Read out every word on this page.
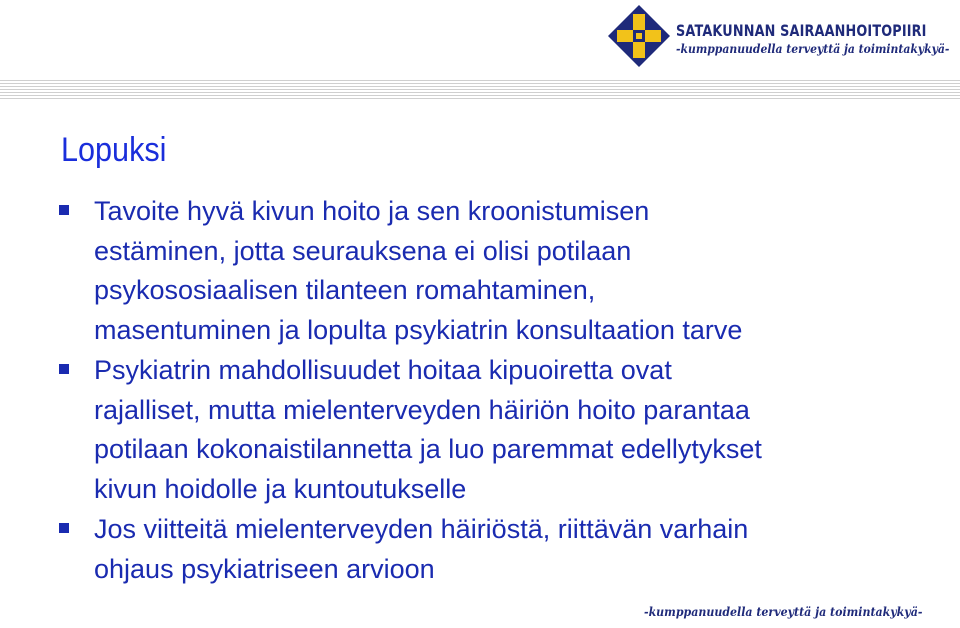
SATAKUNNAN SAIRAANHOITOPIIRI
-kumppanuudella terveyttä ja toimintakykyä-
Lopuksi
Tavoite hyvä kivun hoito ja sen kroonistumisen
estäminen, jotta seurauksena ei olisi potilaan
psykososiaalisen tilanteen romahtaminen,
masentuminen ja lopulta psykiatrin konsultaation tarve
Psykiatrin mahdollisuudet hoitaa kipuoiretta ovat
rajalliset, mutta mielenterveyden häiriön hoito parantaa
potilaan kokonaistilannetta ja luo paremmat edellytykset
kivun hoidolle ja kuntoutukselle
Jos viitteitä mielenterveyden häiriöstä, riittävän varhain
ohjaus psykiatriseen arvioon
-kumppanuudella terveyttä ja toimintakykyä-
